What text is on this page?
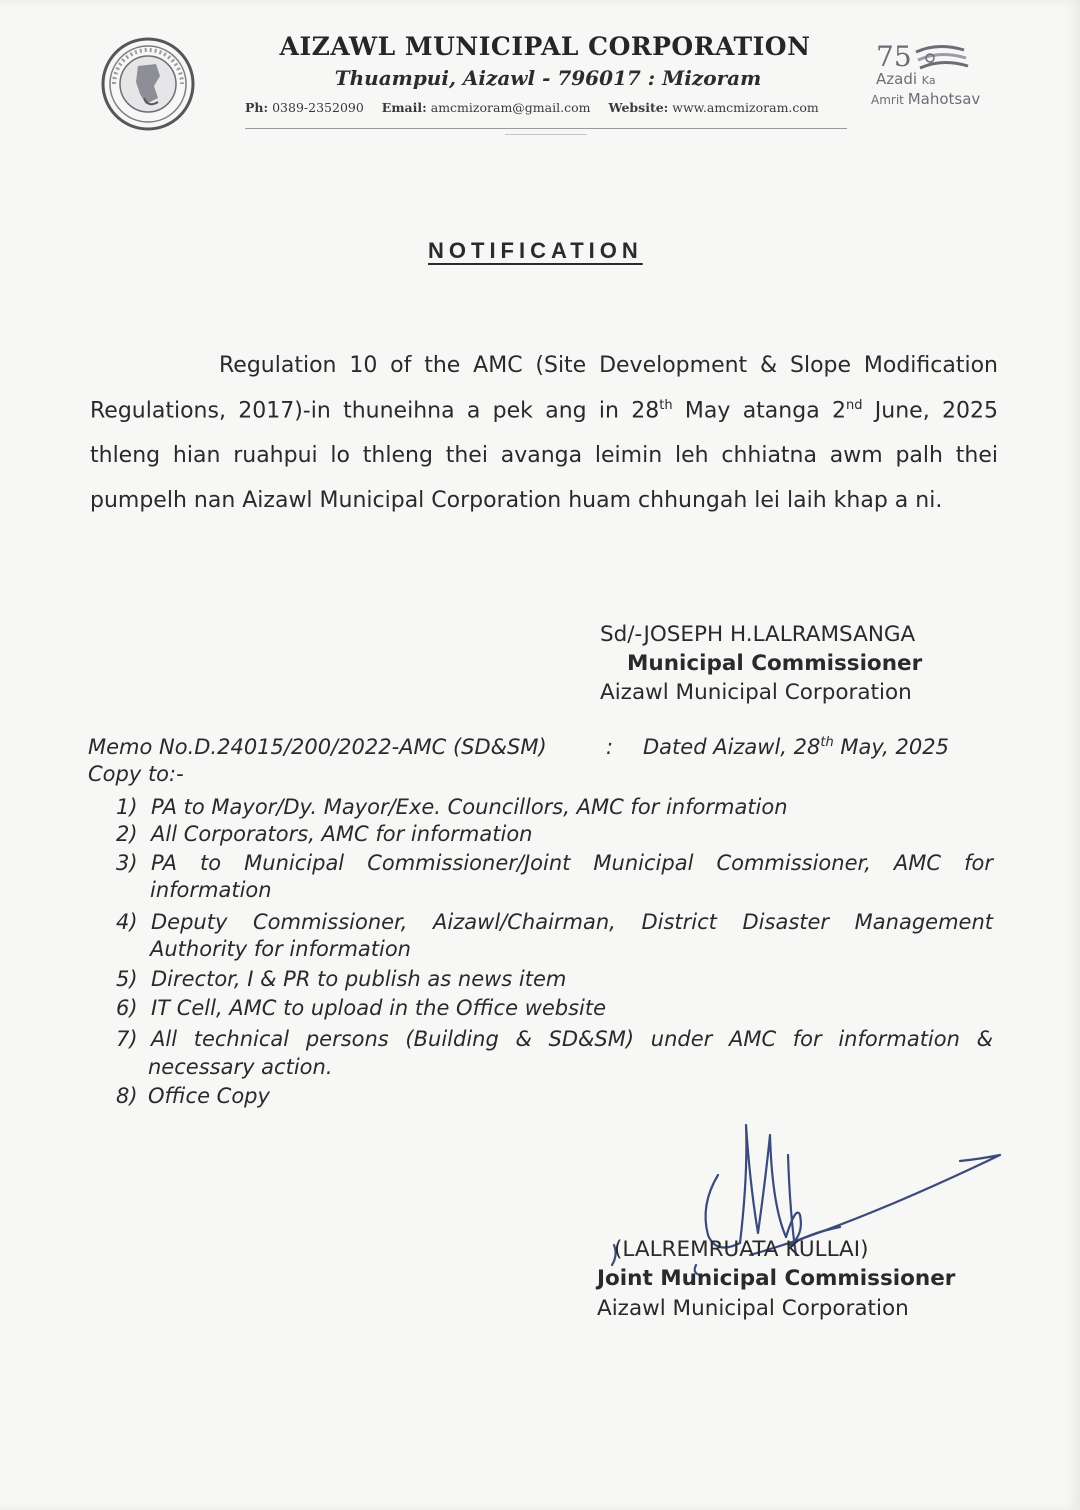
AIZAWL MUNICIPAL CORPORATION
Thuampui, Aizawl - 796017 : Mizoram
Ph: 0389-2352090 Email: amcmizoram@gmail.com Website: www.amcmizoram.com
75
Azadi Ka
Amrit Mahotsav
NOTIFICATION
Regulation 10 of the AMC (Site Development & Slope Modification
Regulations, 2017)-in thuneihna a pek ang in 28th May atanga 2nd June, 2025
thleng hian ruahpui lo thleng thei avanga leimin leh chhiatna awm palh thei
pumpelh nan Aizawl Municipal Corporation huam chhungah lei laih khap a ni.
Sd/-JOSEPH H.LALRAMSANGA
Municipal Commissioner
Aizawl Municipal Corporation
Memo No.D.24015/200/2022-AMC (SD&SM)	: Dated Aizawl, 28th May, 2025
Copy to:-
1) PA to Mayor/Dy. Mayor/Exe. Councillors, AMC for information
2) All Corporators, AMC for information
3) PA to Municipal Commissioner/Joint Municipal Commissioner, AMC for
information
4) Deputy Commissioner, Aizawl/Chairman, District Disaster Management
Authority for information
5) Director, I & PR to publish as news item
6) IT Cell, AMC to upload in the Office website
7) All technical persons (Building & SD&SM) under AMC for information &
necessary action.
8) Office Copy
(LALREMRUATA KULLAI)
Joint Municipal Commissioner
Aizawl Municipal Corporation
